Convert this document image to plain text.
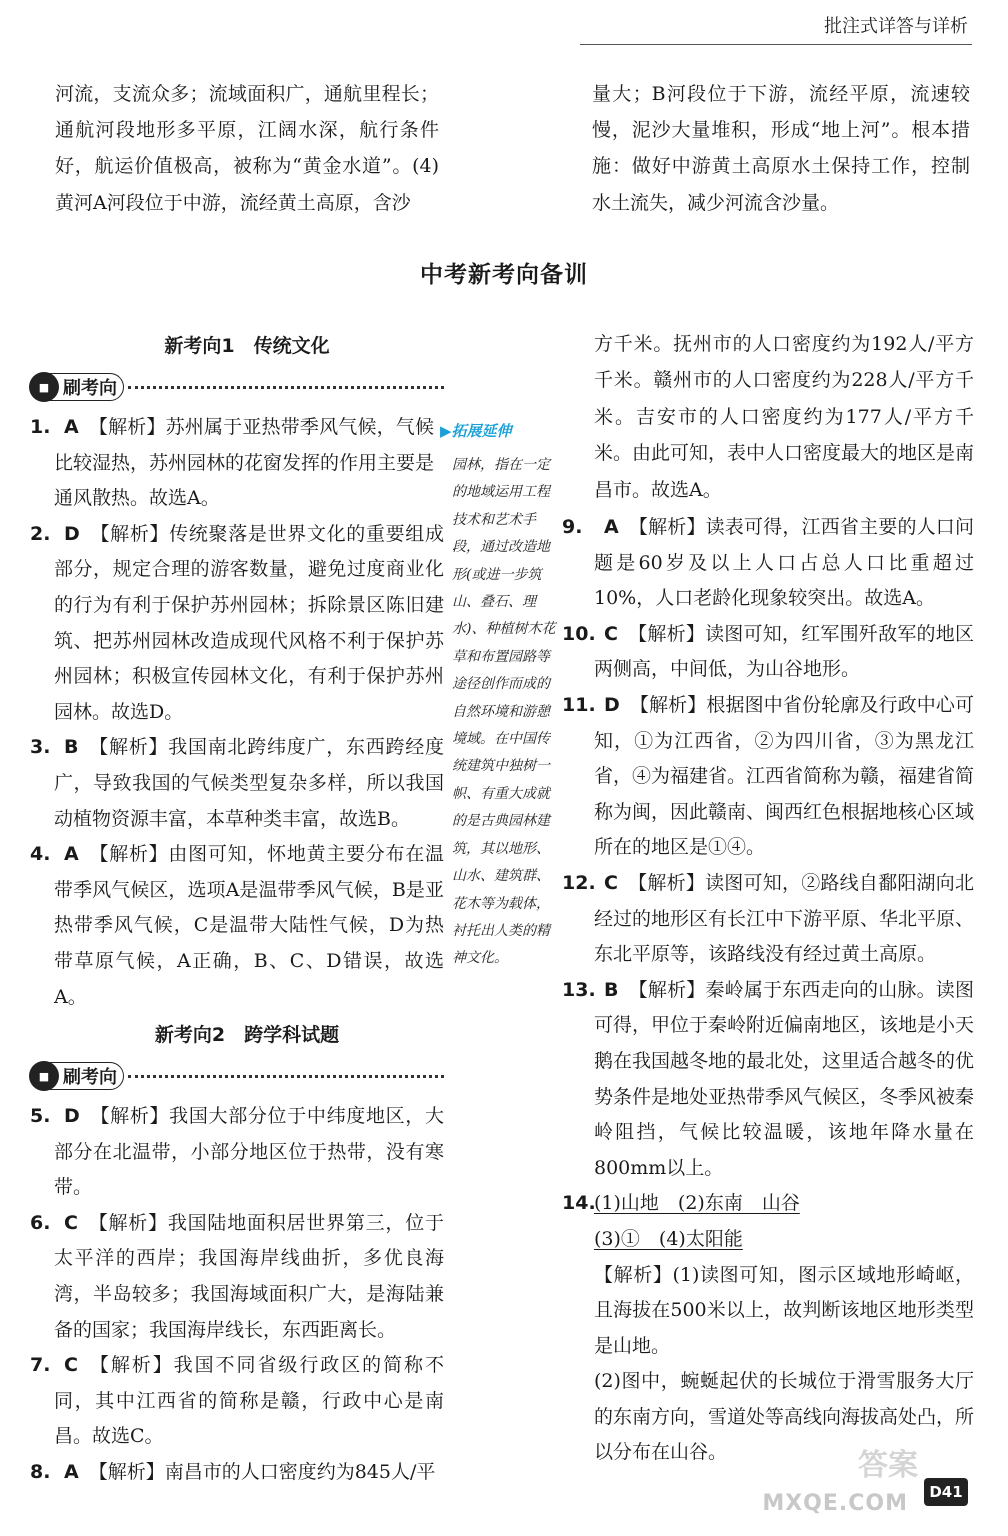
批注式详答与详析
河流，支流众多；流域面积广，通航里程长；通航河段地形多平原，江阔水深，航行条件好，航运价值极高，被称为“黄金水道”。(4)黄河A河段位于中游，流经黄土高原，含沙
量大；B河段位于下游，流经平原，流速较慢，泥沙大量堆积，形成“地上河”。根本措施：做好中游黄土高原水土保持工作，控制水土流失，减少河流含沙量。
中考新考向备训
新考向1　传统文化
■ 刷考向
1. A 【解析】苏州属于亚热带季风气候，气候比较湿热，苏州园林的花窗发挥的作用主要是通风散热。故选A。
2. D 【解析】传统聚落是世界文化的重要组成部分，规定合理的游客数量，避免过度商业化的行为有利于保护苏州园林；拆除景区陈旧建筑、把苏州园林改造成现代风格不利于保护苏州园林；积极宣传园林文化，有利于保护苏州园林。故选D。
3. B 【解析】我国南北跨纬度广，东西跨经度广，导致我国的气候类型复杂多样，所以我国动植物资源丰富，本草种类丰富，故选B。
4. A 【解析】由图可知，怀地黄主要分布在温带季风气候区，选项A是温带季风气候，B是亚热带季风气候，C是温带大陆性气候，D为热带草原气候，A正确，B、C、D错误，故选A。
新考向2　跨学科试题
■ 刷考向
5. D 【解析】我国大部分位于中纬度地区，大部分在北温带，小部分地区位于热带，没有寒带。
6. C 【解析】我国陆地面积居世界第三，位于太平洋的西岸；我国海岸线曲折，多优良海湾，半岛较多；我国海域面积广大，是海陆兼备的国家；我国海岸线长，东西距离长。
7. C 【解析】我国不同省级行政区的简称不同，其中江西省的简称是赣，行政中心是南昌。故选C。
8. A 【解析】南昌市的人口密度约为845人/平
▶拓展延伸
园林，指在一定的地域运用工程技术和艺术手段，通过改造地形(或进一步筑山、叠石、理水)、种植树木花草和布置园路等途径创作而成的自然环境和游憩境域。在中国传统建筑中独树一帜、有重大成就的是古典园林建筑，其以地形、山水、建筑群、花木等为载体，衬托出人类的精神文化。
方千米。抚州市的人口密度约为192人/平方千米。赣州市的人口密度约为228人/平方千米。吉安市的人口密度约为177人/平方千米。由此可知，表中人口密度最大的地区是南昌市。故选A。
9. A 【解析】读表可得，江西省主要的人口问题是60岁及以上人口占总人口比重超过10%，人口老龄化现象较突出。故选A。
10. C 【解析】读图可知，红军围歼敌军的地区两侧高，中间低，为山谷地形。
11. D 【解析】根据图中省份轮廓及行政中心可知，①为江西省，②为四川省，③为黑龙江省，④为福建省。江西省简称为赣，福建省简称为闽，因此赣南、闽西红色根据地核心区域所在的地区是①④。
12. C 【解析】读图可知，②路线自鄱阳湖向北经过的地形区有长江中下游平原、华北平原、东北平原等，该路线没有经过黄土高原。
13. B 【解析】秦岭属于东西走向的山脉。读图可得，甲位于秦岭附近偏南地区，该地是小天鹅在我国越冬地的最北处，这里适合越冬的优势条件是地处亚热带季风气候区，冬季风被秦岭阻挡，气候比较温暖，该地年降水量在800mm以上。
14.
(1)山地　(2)东南　山谷
(3)①　(4)太阳能
【解析】(1)读图可知，图示区域地形崎岖，且海拔在500米以上，故判断该地区地形类型是山地。
(2)图中，蜿蜒起伏的长城位于滑雪服务大厅的东南方向，雪道处等高线向海拔高处凸，所以分布在山谷。	答案
MXQE.COM	D41
